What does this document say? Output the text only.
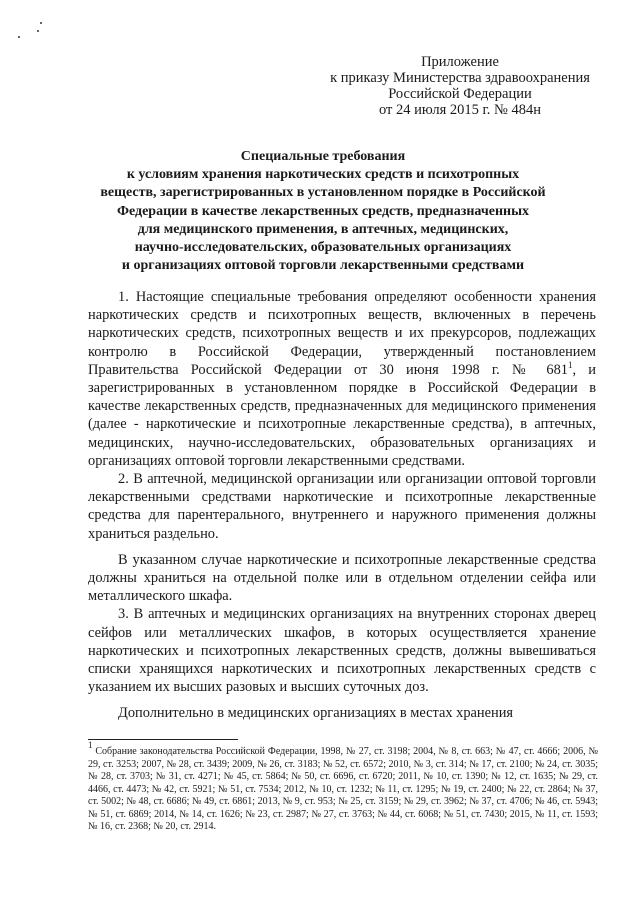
Приложение
к приказу Министерства здравоохранения
Российской Федерации
от 24 июля 2015 г. № 484н
Специальные требования
к условиям хранения наркотических средств и психотропных
веществ, зарегистрированных в установленном порядке в Российской
Федерации в качестве лекарственных средств, предназначенных
для медицинского применения, в аптечных, медицинских,
научно-исследовательских, образовательных организациях
и организациях оптовой торговли лекарственными средствами

1. Настоящие специальные требования определяют особенности хранения наркотических средств и психотропных веществ, включенных в перечень наркотических средств, психотропных веществ и их прекурсоров, подлежащих контролю в Российской Федерации, утвержденный постановлением Правительства Российской Федерации от 30 июня 1998 г. № $681^1$, и зарегистрированных в установленном порядке в Российской Федерации в качестве лекарственных средств, предназначенных для медицинского применения (далее - наркотические и психотропные лекарственные средства), в аптечных, медицинских, научно-исследовательских, образовательных организациях и организациях оптовой торговли лекарственными средствами.

2. В аптечной, медицинской организации или организации оптовой торговли лекарственными средствами наркотические и психотропные лекарственные средства для парентерального, внутреннего и наружного применения должны храниться раздельно.

В указанном случае наркотические и психотропные лекарственные средства должны храниться на отдельной полке или в отдельном отделении сейфа или металлического шкафа.

3. В аптечных и медицинских организациях на внутренних сторонах дверец сейфов или металлических шкафов, в которых осуществляется хранение наркотических и психотропных лекарственных средств, должны вывешиваться списки хранящихся наркотических и психотропных лекарственных средств с указанием их высших разовых и высших суточных доз.

Дополнительно в медицинских организациях в местах хранения

$^1$ Собрание законодательства Российской Федерации, 1998, № 27, ст. 3198; 2004, № 8, ст. 663; № 47, ст. 4666; 2006, № 29, ст. 3253; 2007, № 28, ст. 3439; 2009, № 26, ст. 3183; № 52, ст. 6572; 2010, № 3, ст. 314; № 17, ст. 2100; № 24, ст. 3035; № 28, ст. 3703; № 31, ст. 4271; № 45, ст. 5864; № 50, ст. 6696, ст. 6720; 2011, № 10, ст. 1390; № 12, ст. 1635; № 29, ст. 4466, ст. 4473; № 42, ст. 5921; № 51, ст. 7534; 2012, № 10, ст. 1232; № 11, ст. 1295; № 19, ст. 2400; № 22, ст. 2864; № 37, ст. 5002; № 48, ст. 6686; № 49, ст. 6861; 2013, № 9, ст. 953; № 25, ст. 3159; № 29, ст. 3962; № 37, ст. 4706; № 46, ст. 5943; № 51, ст. 6869; 2014, № 14, ст. 1626; № 23, ст. 2987; № 27, ст. 3763; № 44, ст. 6068; № 51, ст. 7430; 2015, № 11, ст. 1593; № 16, ст. 2368; № 20, ст. 2914.
